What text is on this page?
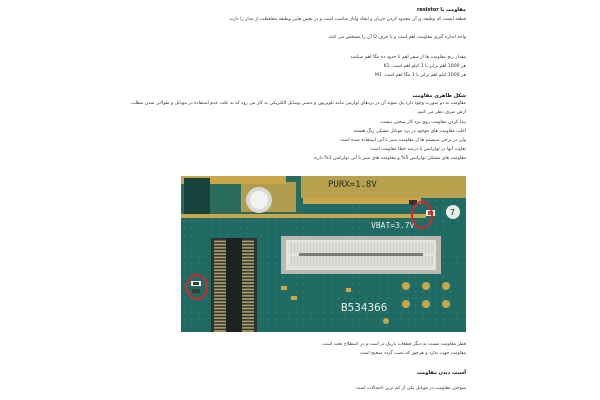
مقاومت یا resistor
قطعه ایست که وظیفه ی آن محدود کردن جریان و ایجاد ولتاژ مناسب است و در بخش هایی وظیفه محافظت از مدار را دارند
واحد اندازه گیری مقاومت اهم است و با حرف Ω آن را مشخص می کنند.
مقدار رنج مقاومت ها از صفر اهم تا حدود ده مگا اهم میباشد
هر 1000 اهم برابر با 1 کیلو اهم است. K1
هر 1000 کیلو اهم برابر با 1 مگا اهم است. M1
شکل ظاهری مقاومت
مقاومت به دو صورت وجود دارد یک نمونه آن در بردهای لوازمی مانند تلویزیون و دستی وسایل الکتریکی به کار می رود که به علت عدم استفاده در موبایل و طولانی شدن مطلب
ازش صرف نظر می کنیم.
پیدا کردن مقاومت روی برد کار سختی نیست.
اغلب مقاومت های موجود در برد موبایل مشکی رنگ هستند
ولی در برخی سیستم ها از مقاومت سبز یا آبی استفاده شده است
تفاوت آنها در تولرانس یا درصد خطا مقاومت است
مقاومت های مشکی تولرانس 5% و مقاومت های سبز یا آبی تولرانس 1% دارند
PURX=1.8V
VBAT=3.7V
7
B534366
قطر مقاومت نسبت به دیگر قطعات باریک تر است و در اصطلاح تخت است.
مقاومت جهت ندارد و هرجور که نصب گردد صحیح است
آسیب دیدن مقاومت
سوختن مقاومت در موبایل یکی از کم ترین احتمالات است
